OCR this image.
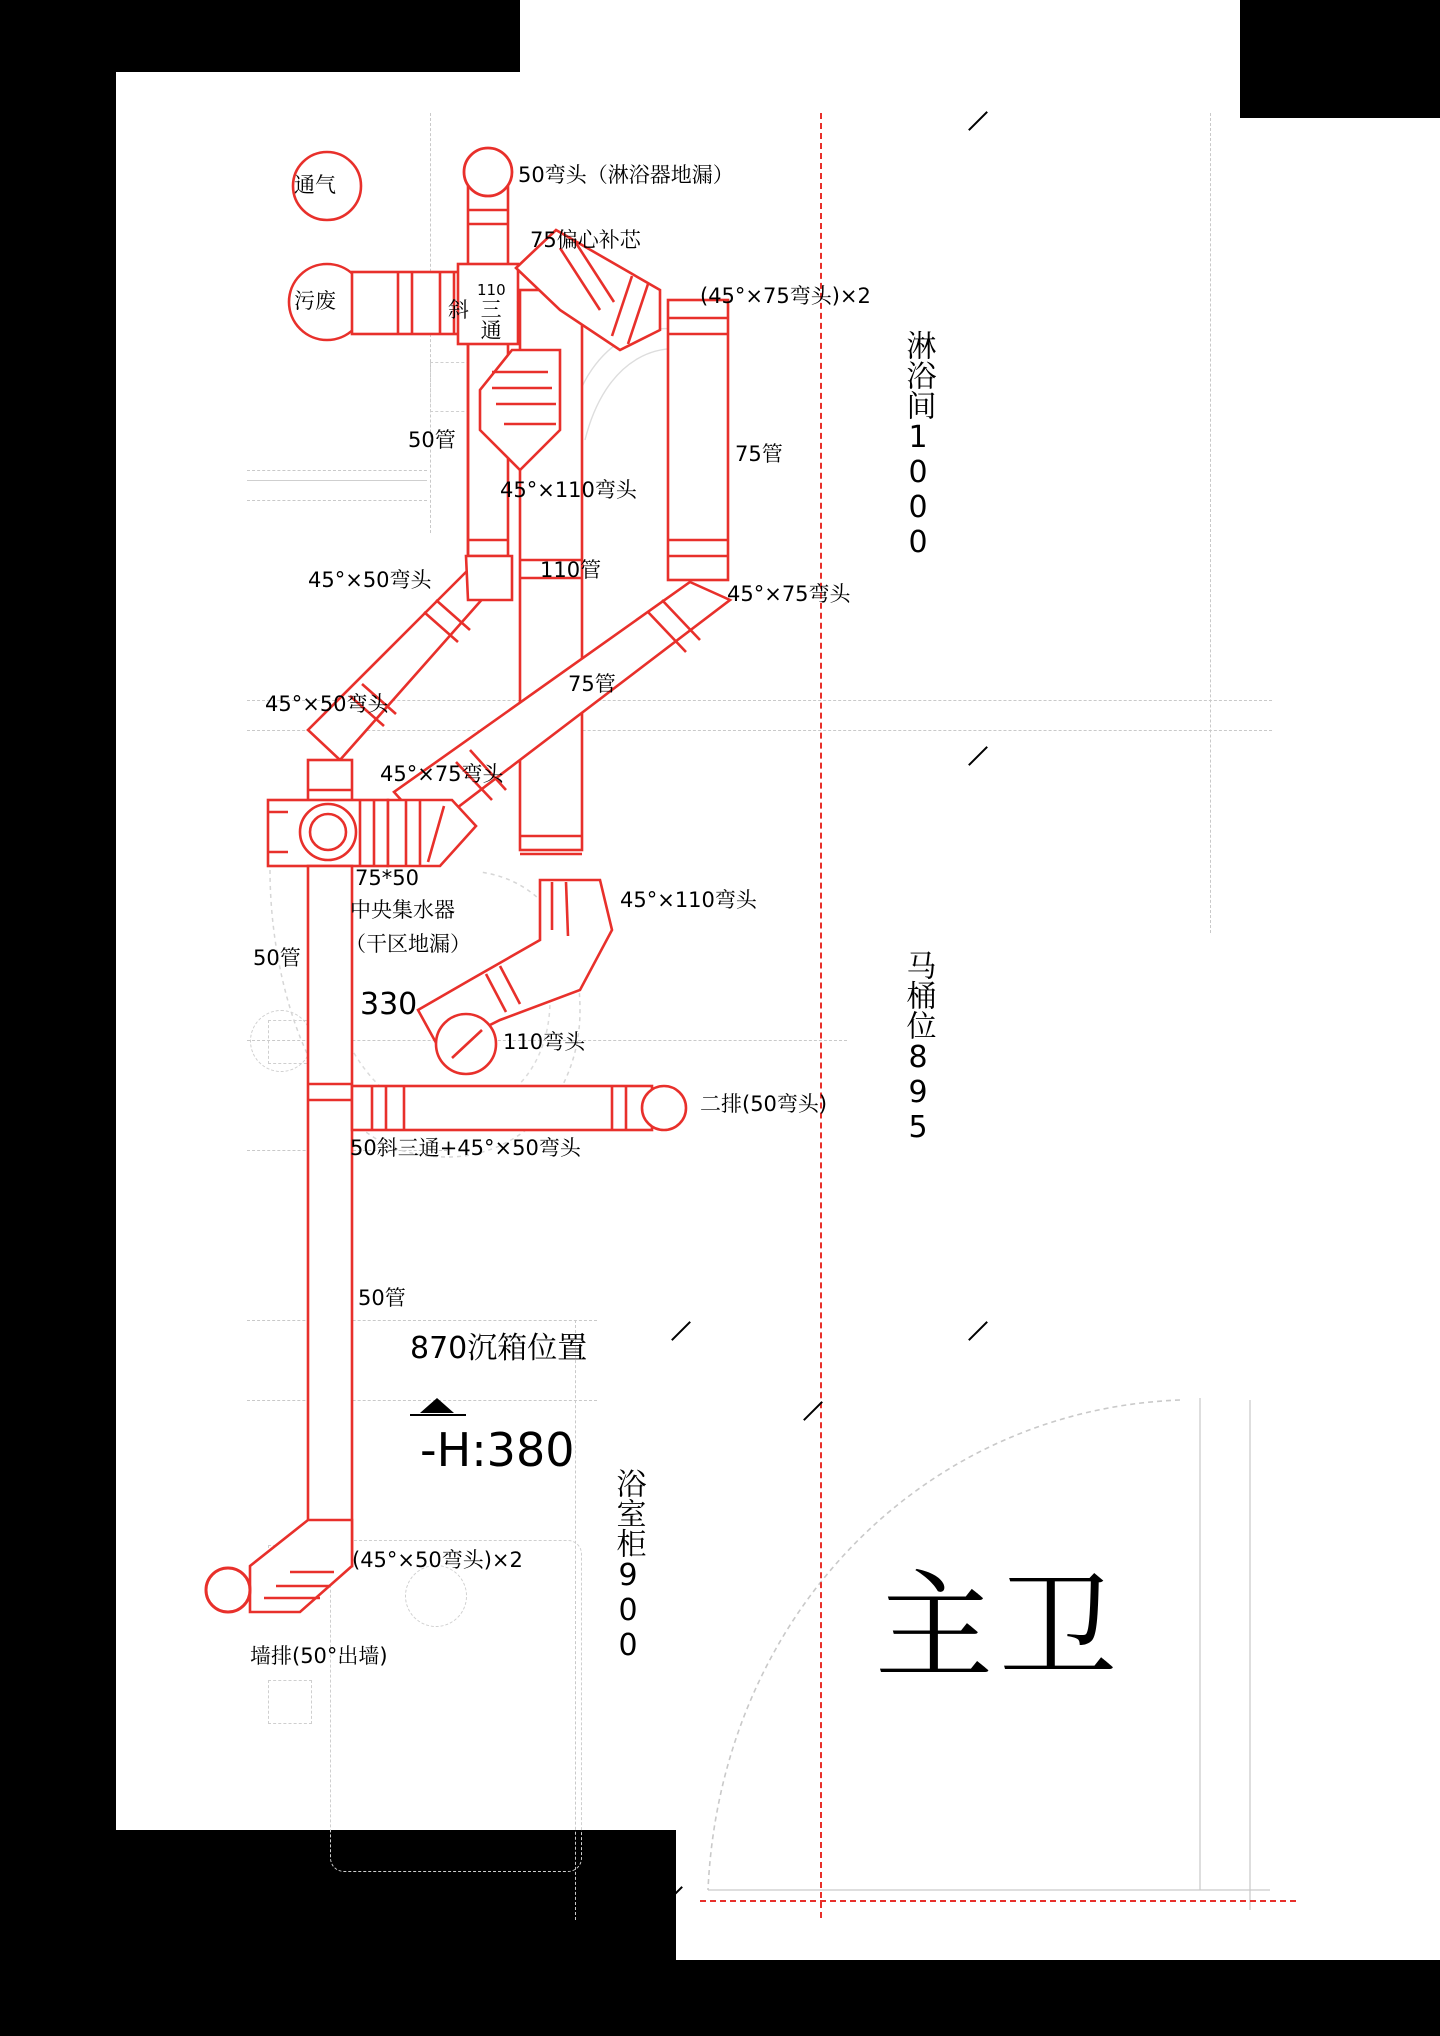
通气
污废
50弯头（淋浴器地漏）
75偏心补芯
(45°×75弯头)×2
110
斜 三通
50管
45°×110弯头
75管
110管
45°×50弯头
45°×75弯头
45°×50弯头
75管
45°×75弯头
75*50
中央集水器
（干区地漏）
45°×110弯头
50管
330
110弯头
二排(50弯头)
50斜三通+45°×50弯头
50管
(45°×50弯头)×2
墙排(50°出墙)
870沉箱位置
-H:380
淋浴间1000
马桶位895
浴室柜900 主卫
